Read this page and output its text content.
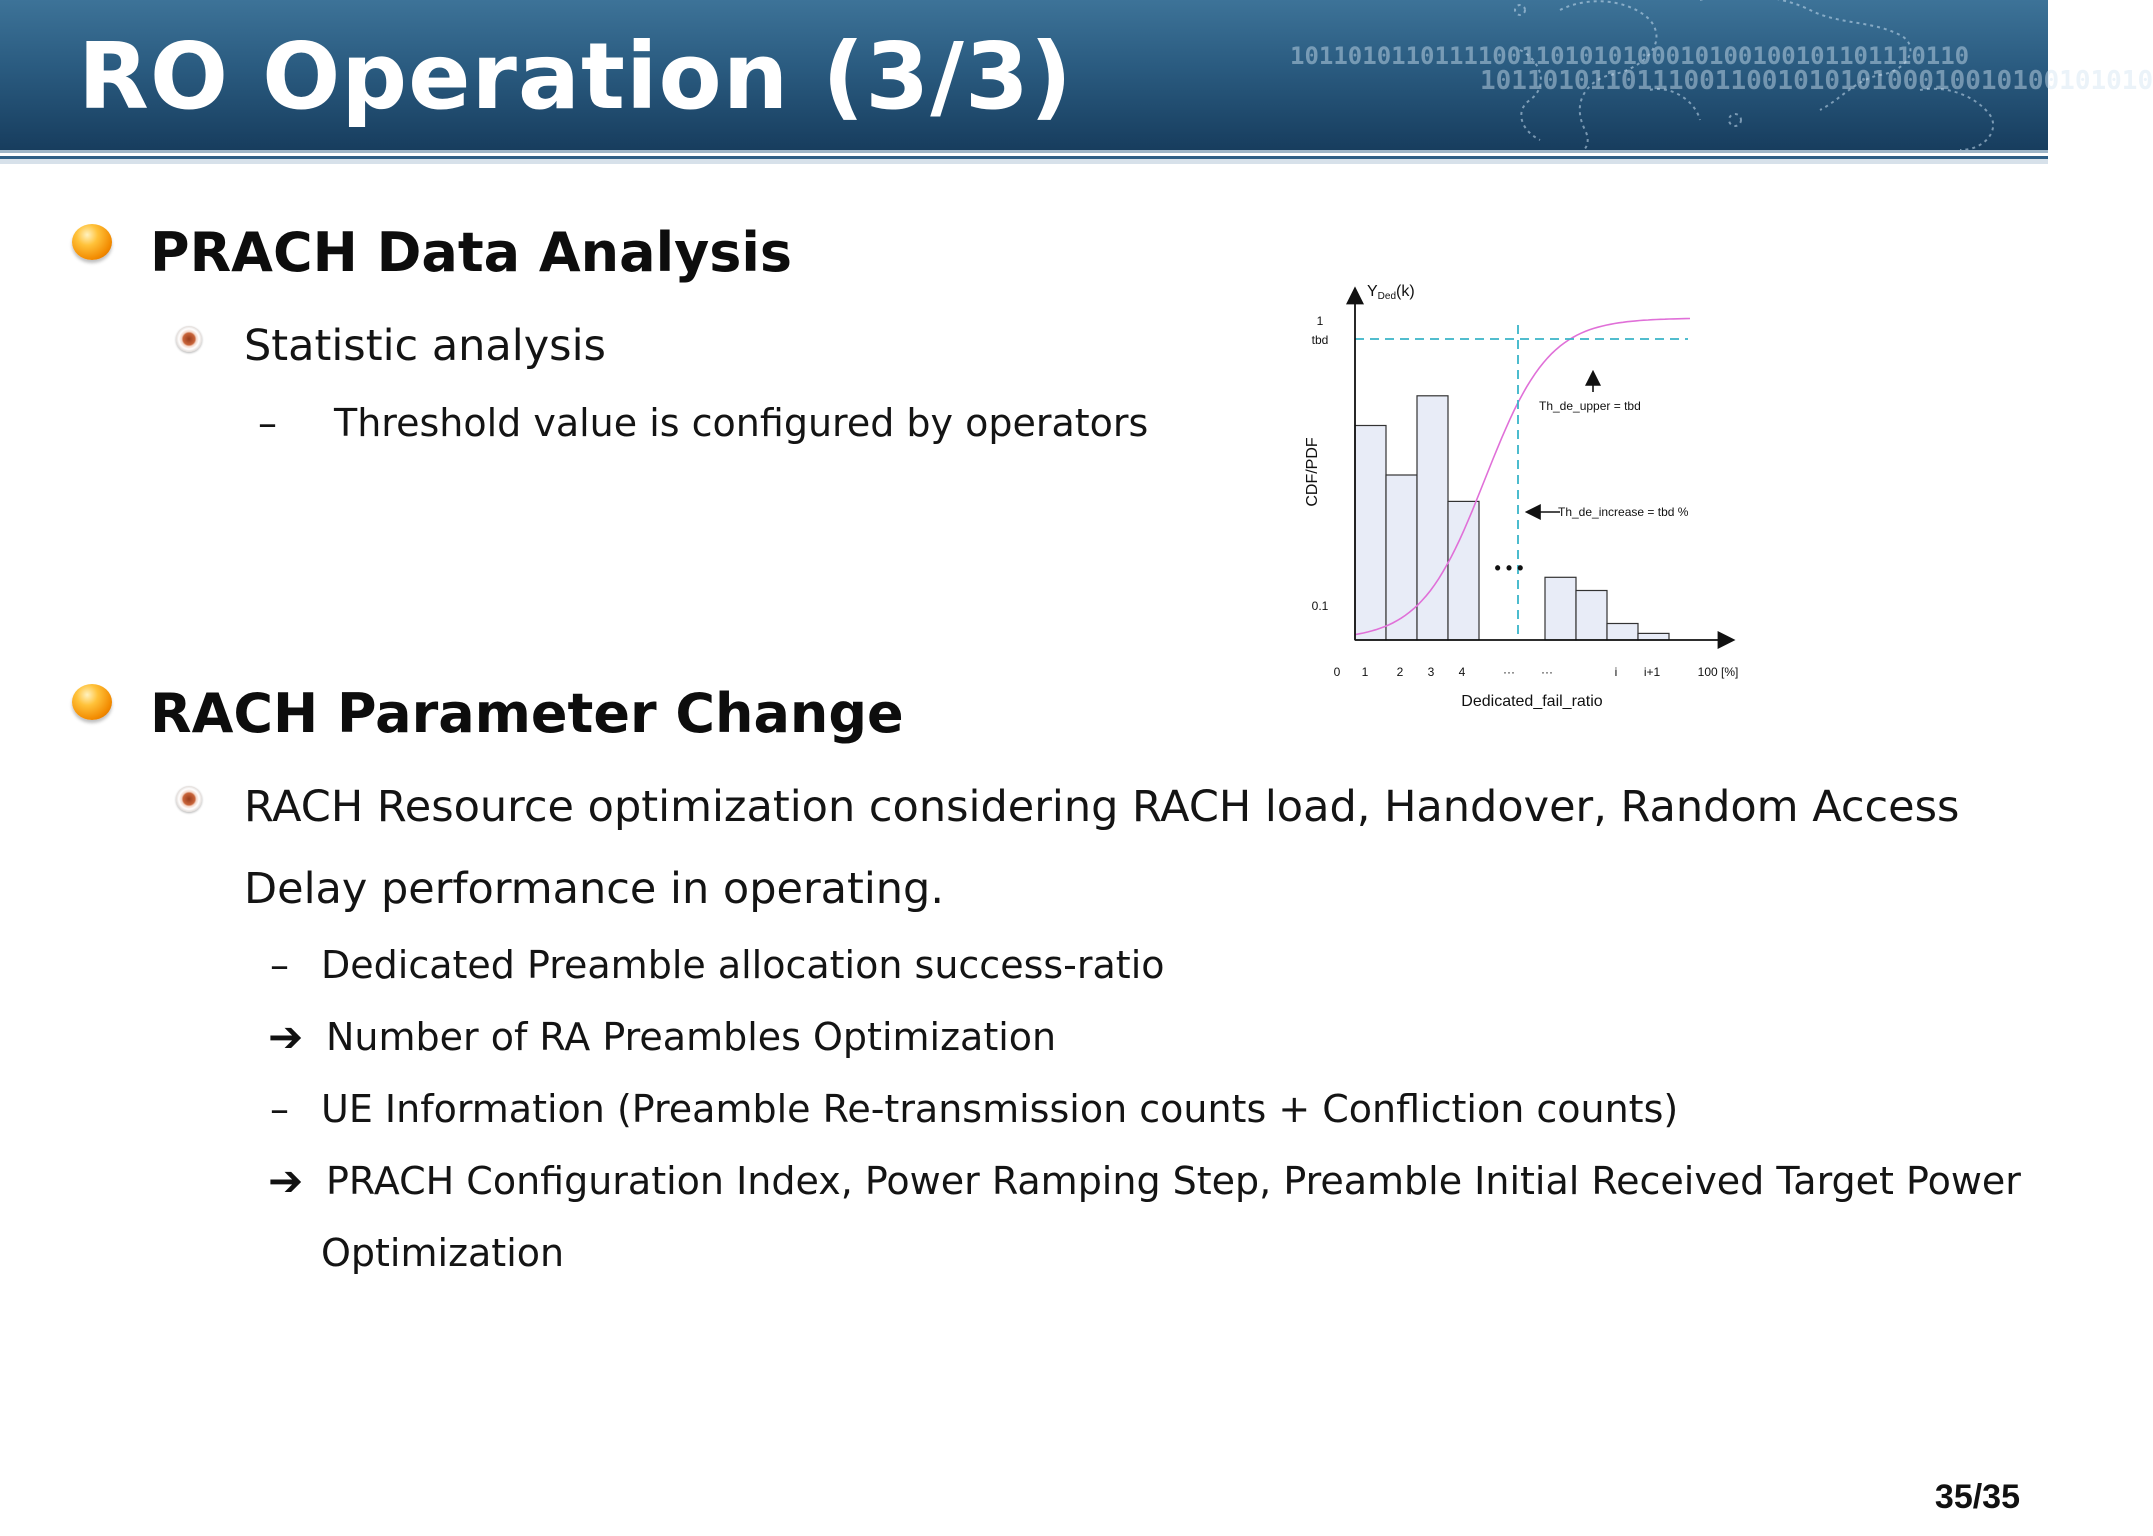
10110101101111001101010100010100100101101110110
1011010110111001100101010100010010100101010
RO Operation (3/3)
PRACH Data Analysis
Statistic analysis
– Threshold value is configured by operators
YDed(k)
1
tbd
0.1
CDF/PDF
0 1 2 3 4	··· ···	i i+1	100 [%]
Dedicated_fail_ratio
• • •
Th_de_upper = tbd
Th_de_increase = tbd %
RACH Parameter Change
RACH Resource optimization considering RACH load, Handover, Random Access
Delay performance in operating.
– Dedicated Preamble allocation success-ratio
➔ Number of RA Preambles Optimization
– UE Information (Preamble Re-transmission counts + Confliction counts)
➔ PRACH Configuration Index, Power Ramping Step, Preamble Initial Received Target Power
Optimization
35/35
